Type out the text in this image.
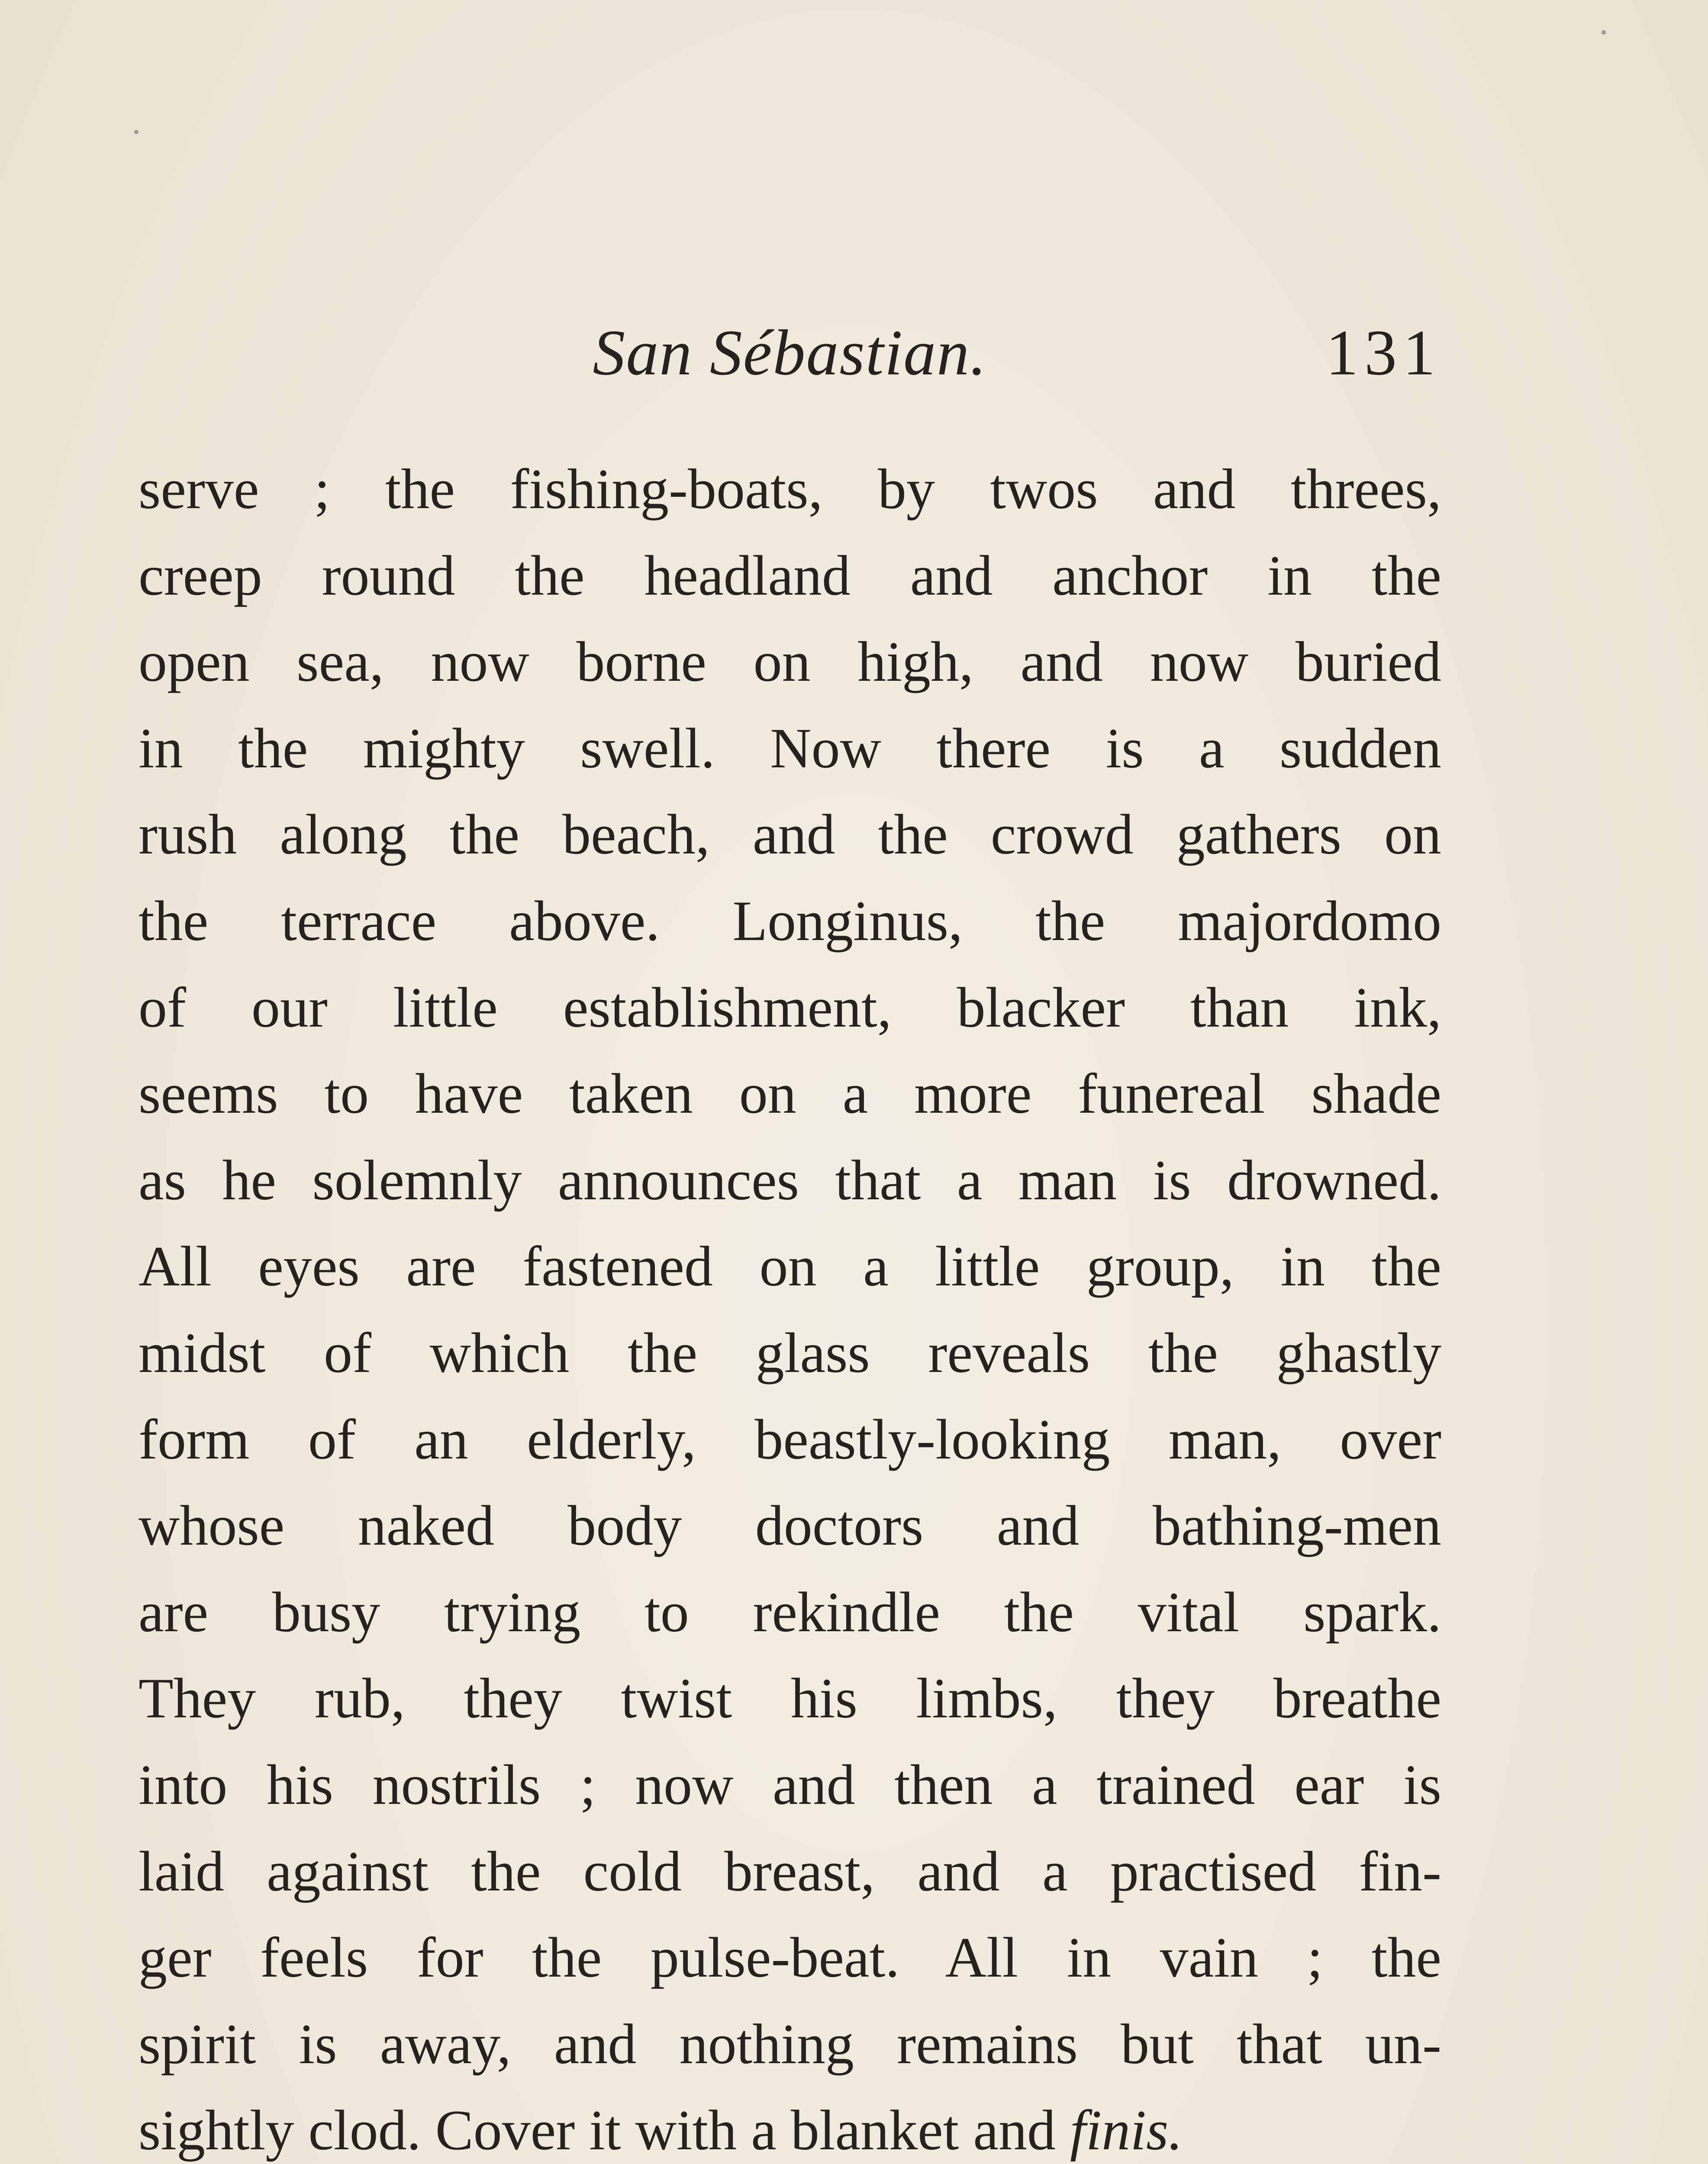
San Sébastian.	131
serve ; the fishing-boats, by twos and threes,
creep round the headland and anchor in the
open sea, now borne on high, and now buried
in the mighty swell. Now there is a sudden
rush along the beach, and the crowd gathers on
the terrace above. Longinus, the majordomo
of our little establishment, blacker than ink,
seems to have taken on a more funereal shade
as he solemnly announces that a man is drowned.
All eyes are fastened on a little group, in the
midst of which the glass reveals the ghastly
form of an elderly, beastly-looking man, over
whose naked body doctors and bathing-men
are busy trying to rekindle the vital spark.
They rub, they twist his limbs, they breathe
into his nostrils ; now and then a trained ear is
laid against the cold breast, and a practised fin-
ger feels for the pulse-beat. All in vain ; the
spirit is away, and nothing remains but that un-
sightly clod. Cover it with a blanket and finis.
